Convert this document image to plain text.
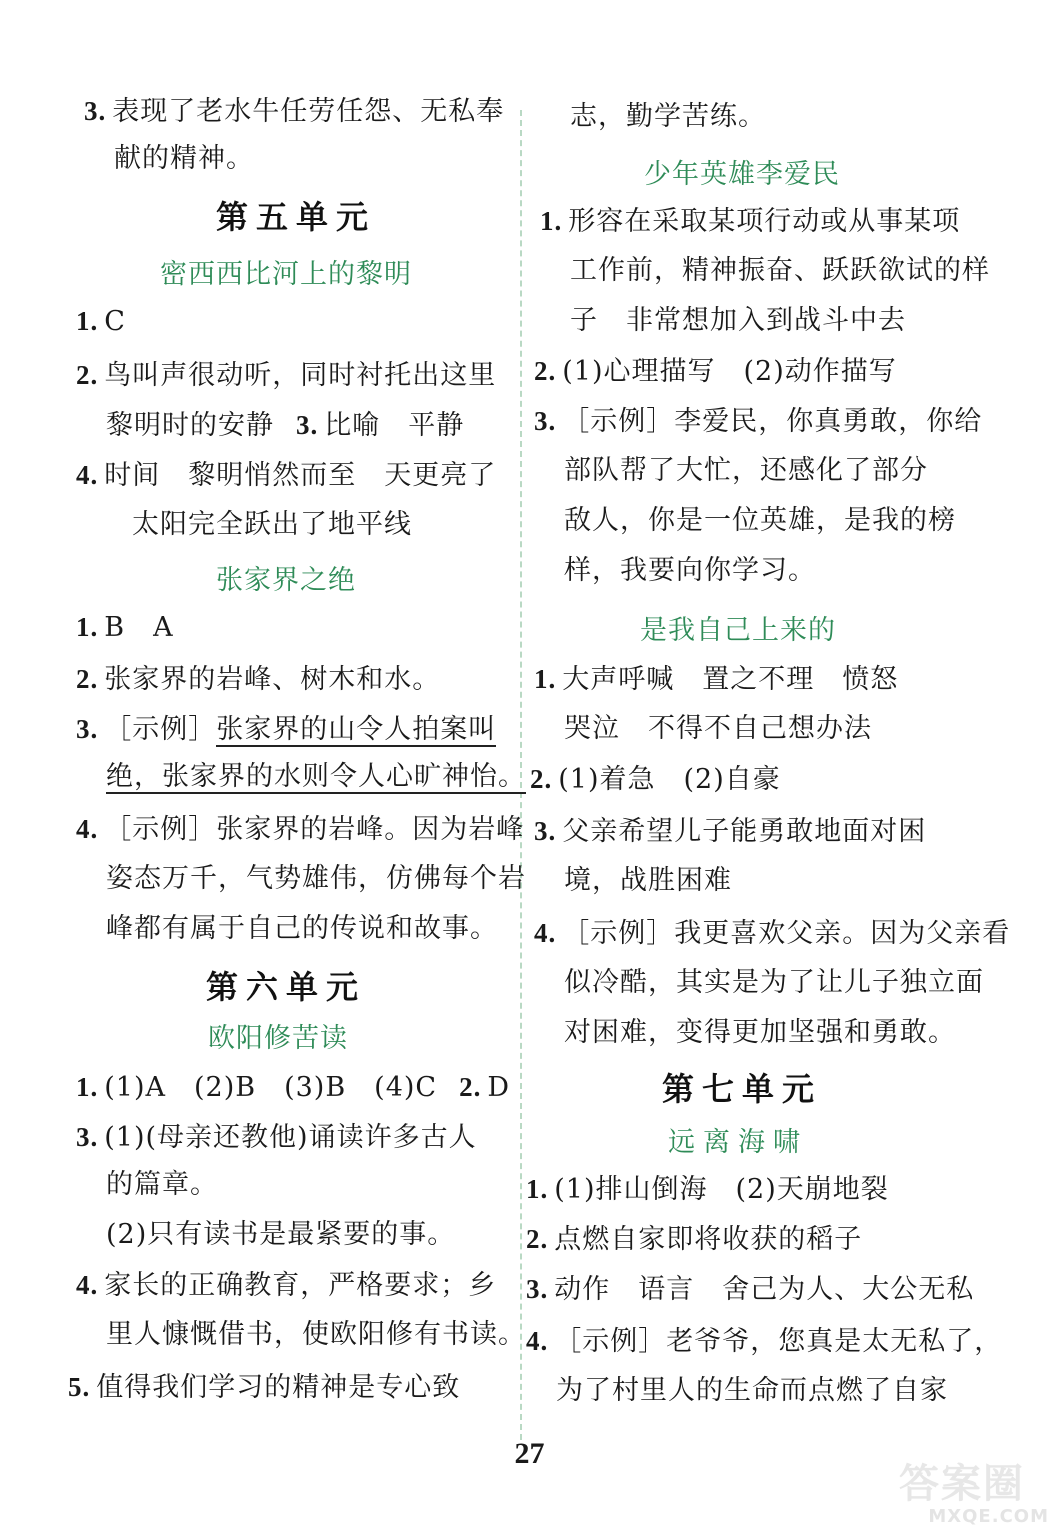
3. 表现了老水牛任劳任怨、无私奉
献的精神。
第五单元
密西西比河上的黎明
1. C
2. 鸟叫声很动听，同时衬托出这里
黎明时的安静 3. 比喻　平静
4. 时间　黎明悄然而至　天更亮了
太阳完全跃出了地平线
张家界之绝
1. B　A
2. 张家界的岩峰、树木和水。
3. ［示例］张家界的山令人拍案叫
绝，张家界的水则令人心旷神怡。
4. ［示例］张家界的岩峰。因为岩峰
姿态万千，气势雄伟，仿佛每个岩
峰都有属于自己的传说和故事。
第六单元
欧阳修苦读
1. (1)A　(2)B　(3)B　(4)C 2. D
3. (1)(母亲还教他)诵读许多古人
的篇章。
(2)只有读书是最紧要的事。
4. 家长的正确教育，严格要求；乡
里人慷慨借书，使欧阳修有书读。
5. 值得我们学习的精神是专心致
志，勤学苦练。
少年英雄李爱民
1. 形容在采取某项行动或从事某项
工作前，精神振奋、跃跃欲试的样
子　非常想加入到战斗中去
2. (1)心理描写　(2)动作描写
3. ［示例］李爱民，你真勇敢，你给
部队帮了大忙，还感化了部分
敌人，你是一位英雄，是我的榜
样，我要向你学习。
是我自己上来的
1. 大声呼喊　置之不理　愤怒
哭泣　不得不自己想办法
2. (1)着急　(2)自豪
3. 父亲希望儿子能勇敢地面对困
境，战胜困难
4. ［示例］我更喜欢父亲。因为父亲看
似冷酷，其实是为了让儿子独立面
对困难，变得更加坚强和勇敢。
第七单元
远离海啸
1. (1)排山倒海　(2)天崩地裂
2. 点燃自家即将收获的稻子
3. 动作　语言　舍己为人、大公无私
4. ［示例］老爷爷，您真是太无私了，
为了村里人的生命而点燃了自家
27
答案圈
MXQE.COM
